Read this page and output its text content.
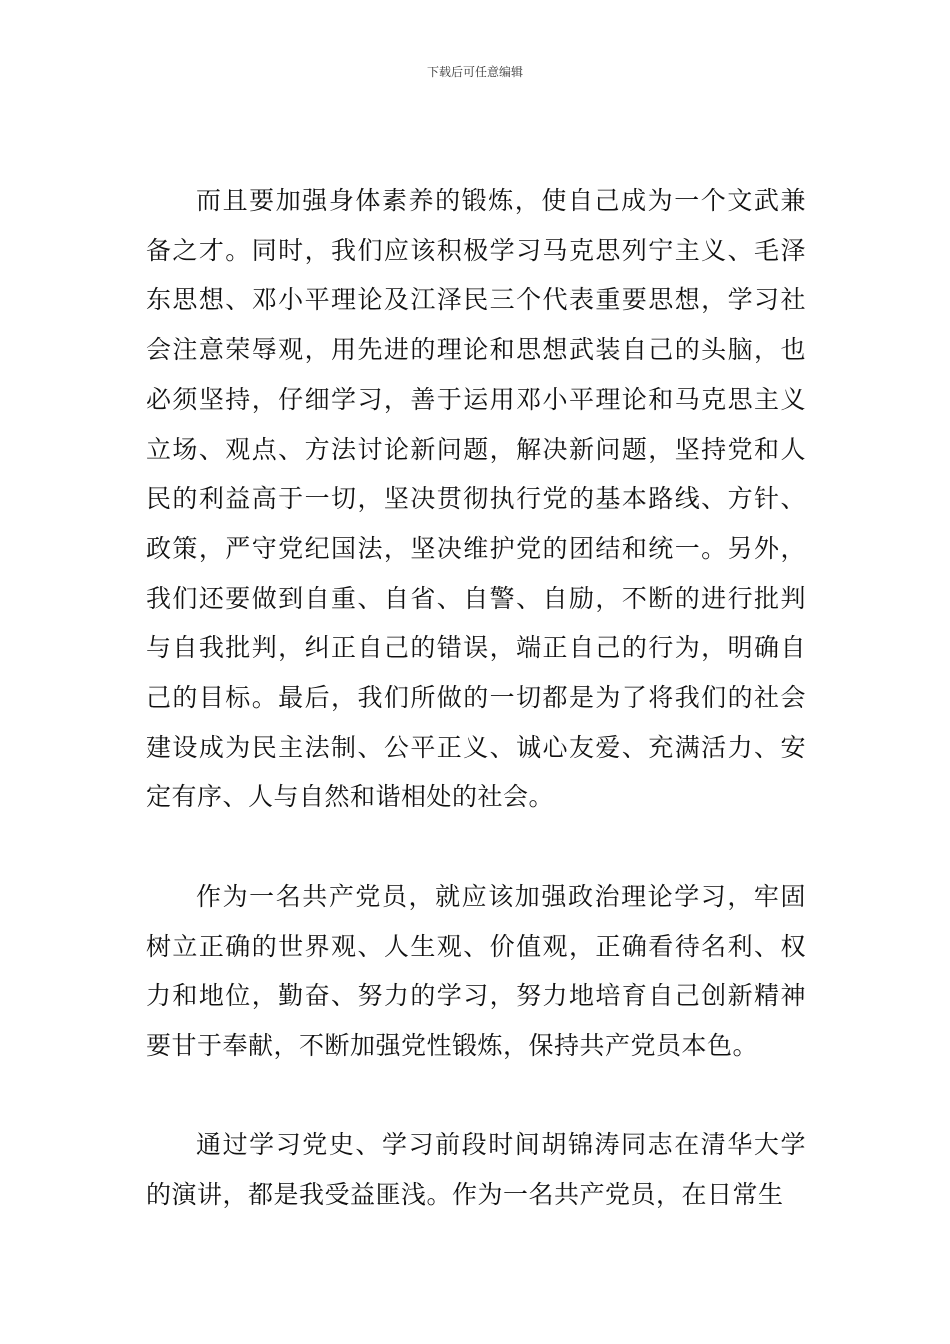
下载后可任意编辑

而且要加强身体素养的锻炼，使自己成为一个文武兼备之才。同时，我们应该积极学习马克思列宁主义、毛泽东思想、邓小平理论及江泽民三个代表重要思想，学习社会注意荣辱观，用先进的理论和思想武装自己的头脑，也必须坚持，仔细学习，善于运用邓小平理论和马克思主义立场、观点、方法讨论新问题，解决新问题，坚持党和人民的利益高于一切，坚决贯彻执行党的基本路线、方针、政策，严守党纪国法，坚决维护党的团结和统一。另外，我们还要做到自重、自省、自警、自励，不断的进行批判与自我批判，纠正自己的错误，端正自己的行为，明确自己的目标。最后，我们所做的一切都是为了将我们的社会建设成为民主法制、公平正义、诚心友爱、充满活力、安定有序、人与自然和谐相处的社会。

作为一名共产党员，就应该加强政治理论学习，牢固树立正确的世界观、人生观、价值观，正确看待名利、权力和地位，勤奋、努力的学习，努力地培育自己创新精神要甘于奉献，不断加强党性锻炼，保持共产党员本色。

通过学习党史、学习前段时间胡锦涛同志在清华大学的演讲，都是我受益匪浅。作为一名共产党员，在日常生
